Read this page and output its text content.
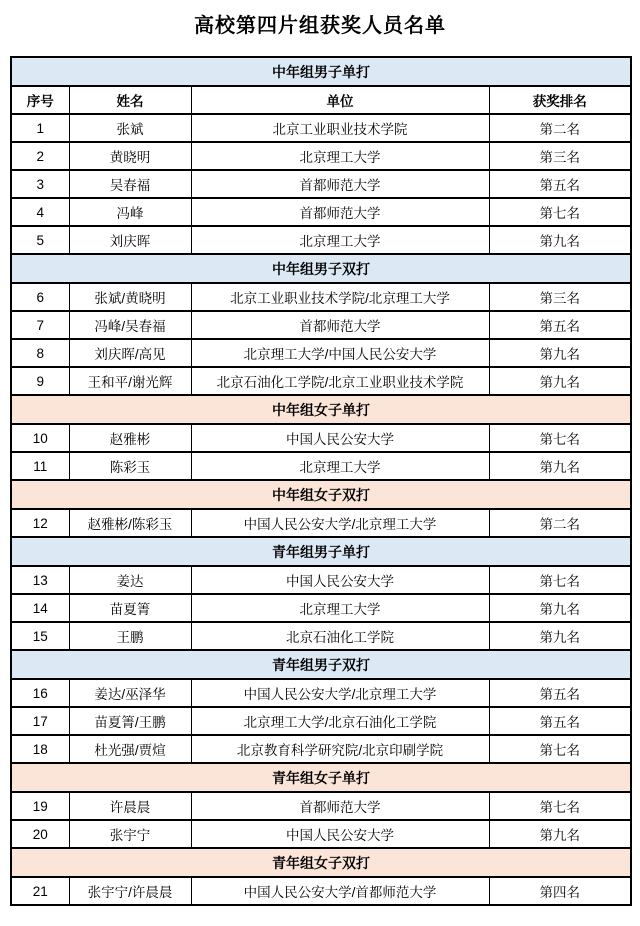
高校第四片组获奖人员名单
中年组男子单打			
序号	姓名	单位	获奖排名
1	张斌	北京工业职业技术学院	第二名
2	黄晓明	北京理工大学	第三名
3	吴春福	首都师范大学	第五名
4	冯峰	首都师范大学	第七名
5	刘庆晖	北京理工大学	第九名
中年组男子双打			
6	张斌/黄晓明	北京工业职业技术学院/北京理工大学	第三名
7	冯峰/吴春福	首都师范大学	第五名
8	刘庆晖/高见	北京理工大学/中国人民公安大学	第九名
9	王和平/谢光辉	北京石油化工学院/北京工业职业技术学院	第九名
中年组女子单打			
10	赵雅彬	中国人民公安大学	第七名
11	陈彩玉	北京理工大学	第九名
中年组女子双打			
12	赵雅彬/陈彩玉	中国人民公安大学/北京理工大学	第二名
青年组男子单打			
13	姜达	中国人民公安大学	第七名
14	苗夏箐	北京理工大学	第九名
15	王鹏	北京石油化工学院	第九名
青年组男子双打			
16	姜达/巫泽华	中国人民公安大学/北京理工大学	第五名
17	苗夏箐/王鹏	北京理工大学/北京石油化工学院	第五名
18	杜光强/贾煊	北京教育科学研究院/北京印刷学院	第七名
青年组女子单打			
19	许晨晨	首都师范大学	第七名
20	张宇宁	中国人民公安大学	第九名
青年组女子双打			
21	张宇宁/许晨晨	中国人民公安大学/首都师范大学	第四名
